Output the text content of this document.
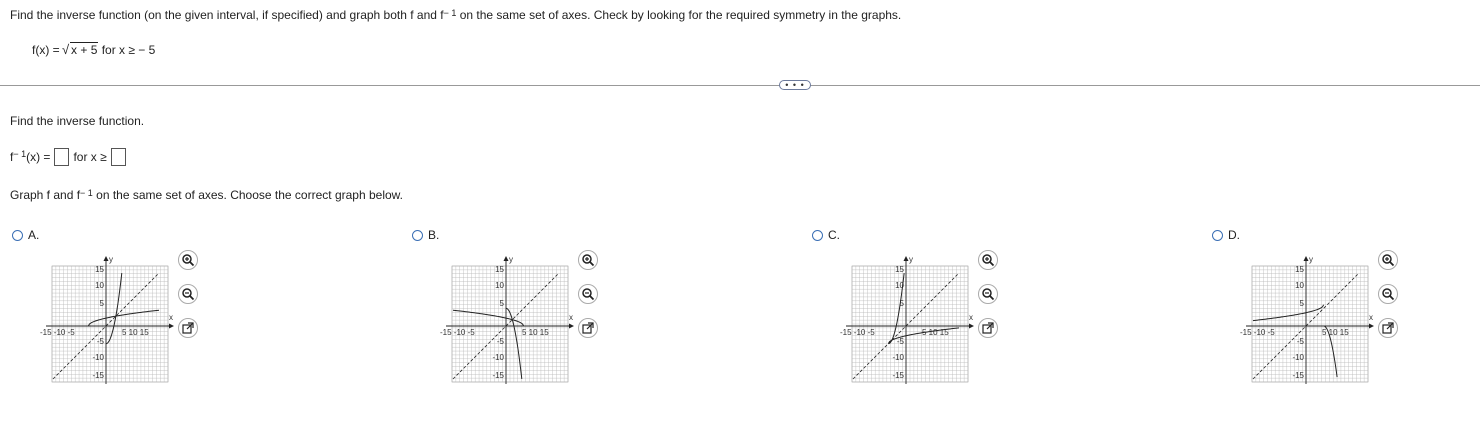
Find the inverse function (on the given interval, if specified) and graph both f and $f^{- 1}$ on the same set of axes. Check by looking for the required symmetry in the graphs.
f(x) = √ x + 5 for x ≥ − 5
• • •
Find the inverse function.
$f^{- 1}$ (x) = for x ≥
Graph f and $f^{- 1}$ on the same set of axes. Choose the correct graph below.
A.
y
x
-15 -10 -5	5 10 15
15
10
5
-5
-10
-15
B.
y
x
-15 -10 -5	5 10 15
15
10
5
-5
-10
-15
C.
y
x
-15 -10 -5	5 10 15
15
10
5
-5
-10
-15
D.
y
x
-15 -10 -5	5 10 15
15
10
5
-5
-10
-15
